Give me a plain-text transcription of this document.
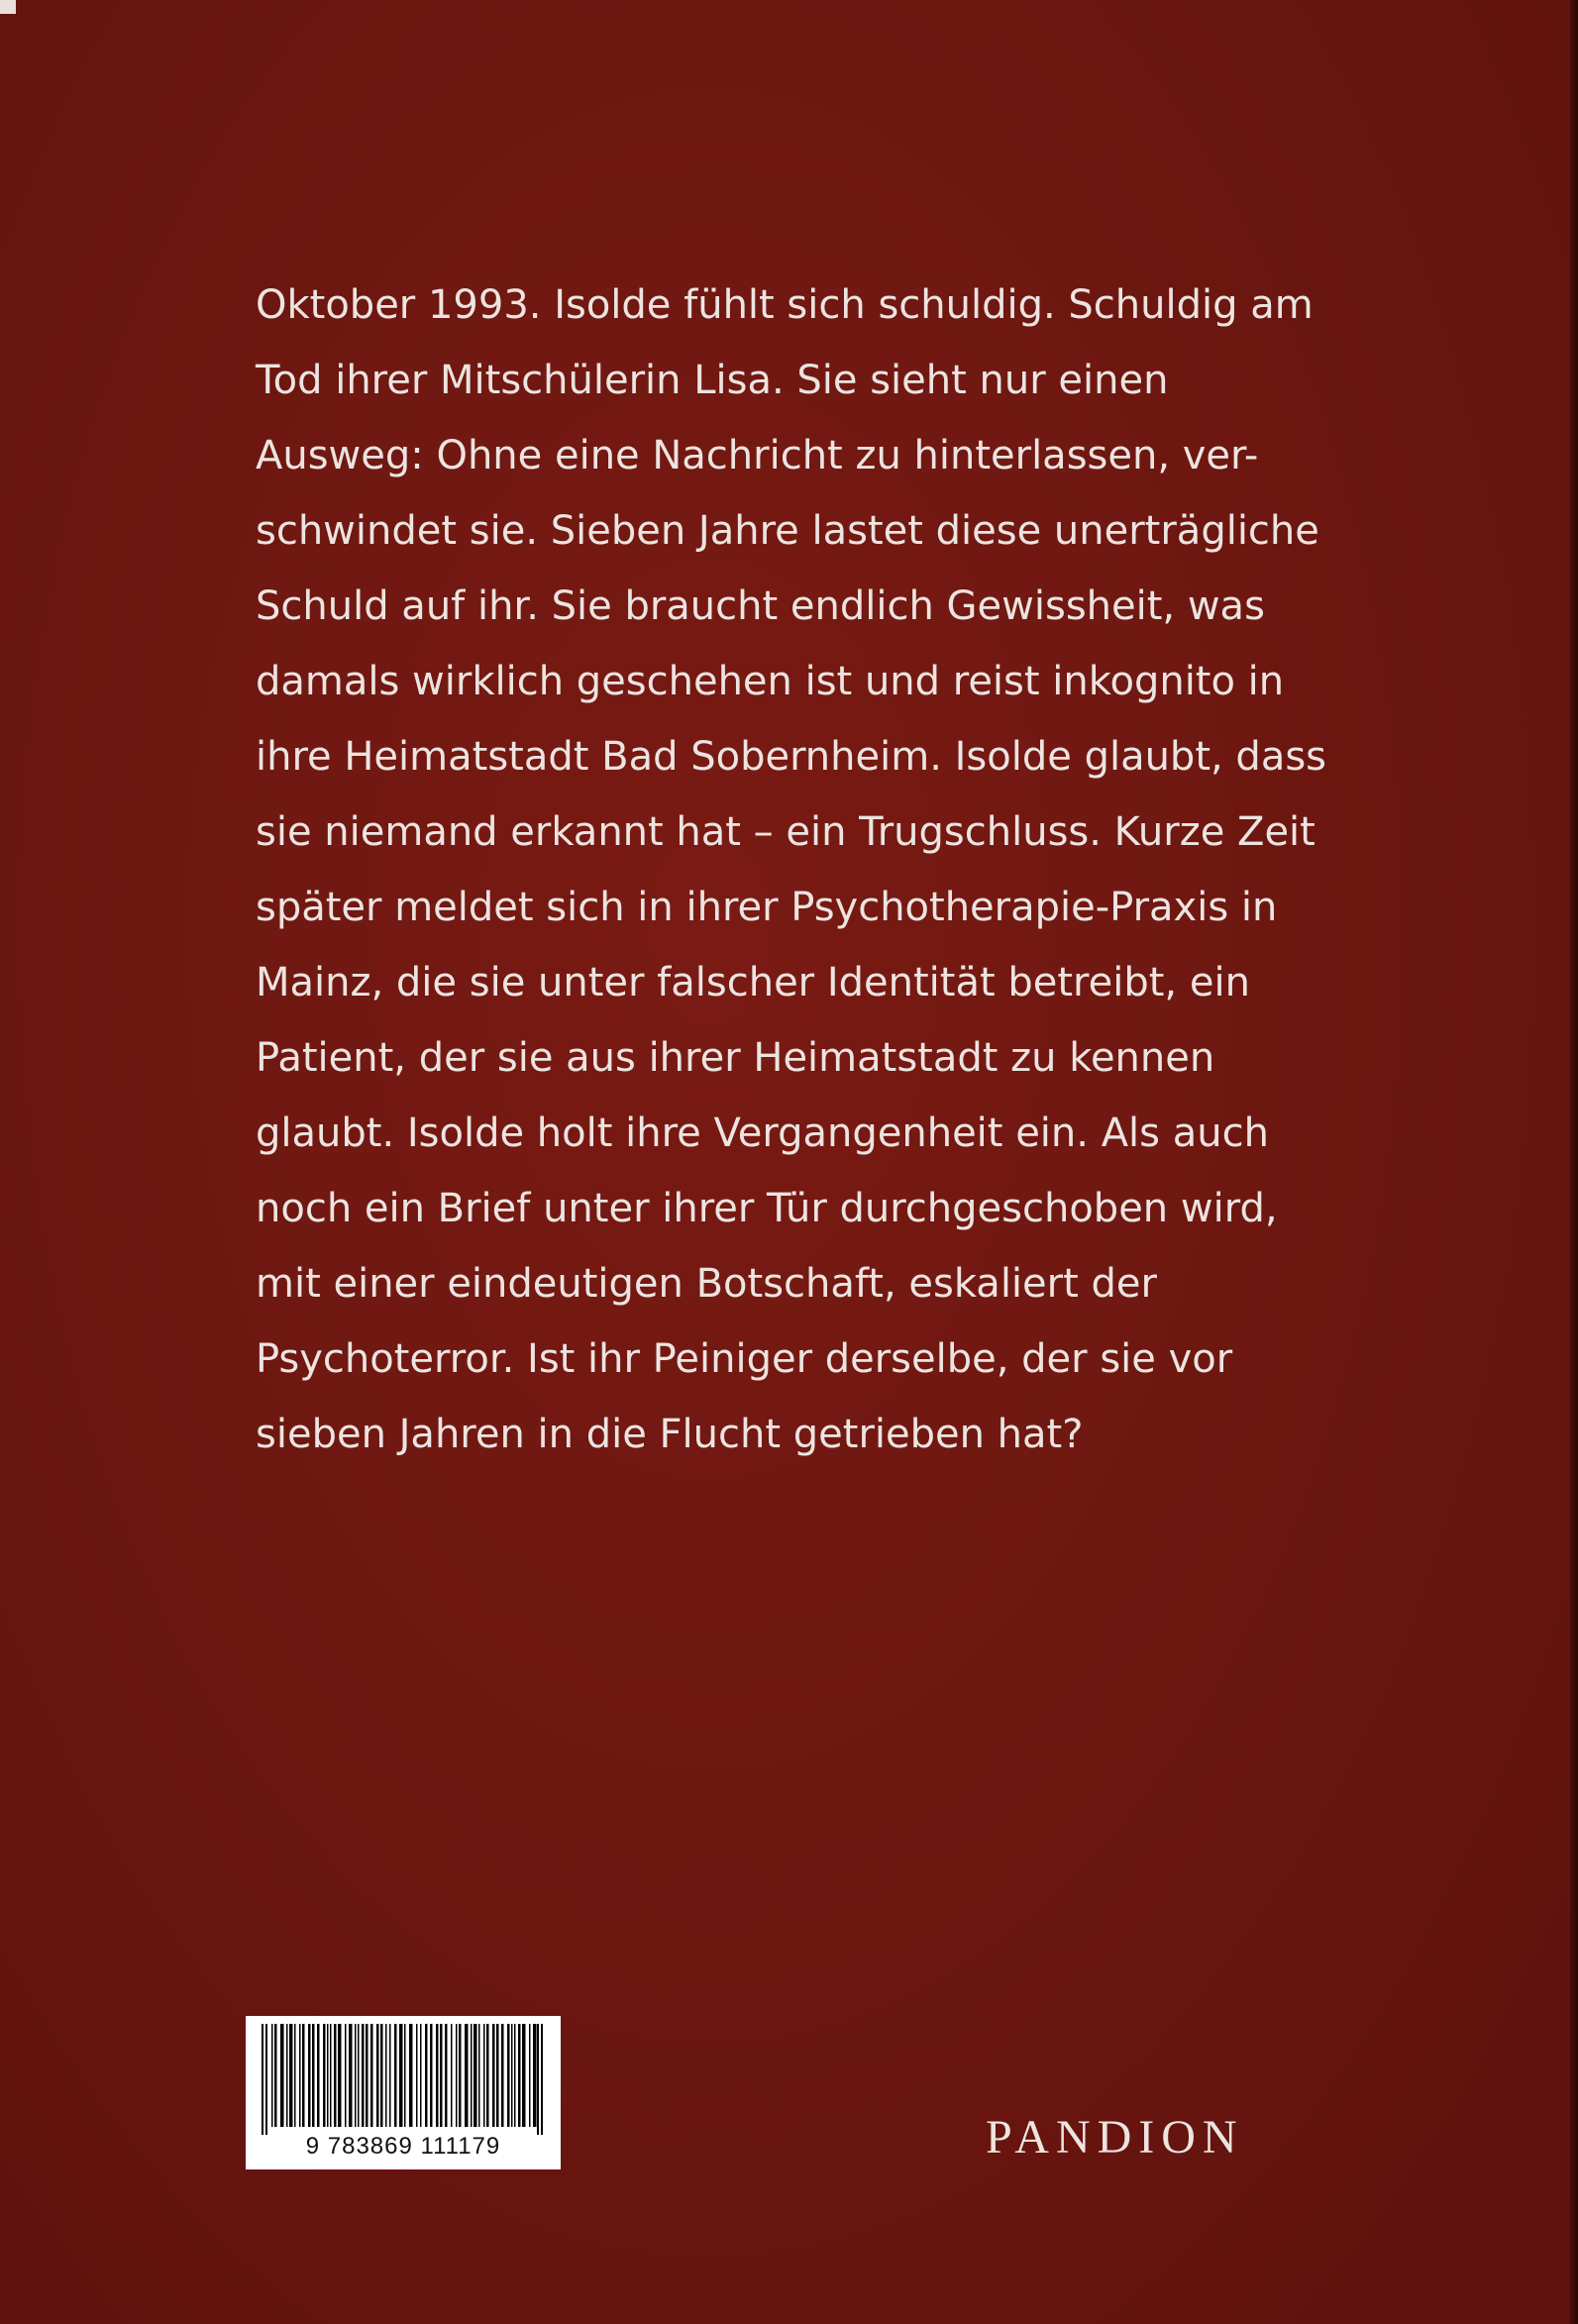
Oktober 1993. Isolde fühlt sich schuldig. Schuldig am
Tod ihrer Mitschülerin Lisa. Sie sieht nur einen
Ausweg: Ohne eine Nachricht zu hinterlassen, ver-
schwindet sie. Sieben Jahre lastet diese unerträgliche
Schuld auf ihr. Sie braucht endlich Gewissheit, was
damals wirklich geschehen ist und reist inkognito in
ihre Heimatstadt Bad Sobernheim. Isolde glaubt, dass
sie niemand erkannt hat – ein Trugschluss. Kurze Zeit
später meldet sich in ihrer Psychotherapie-Praxis in
Mainz, die sie unter falscher Identität betreibt, ein
Patient, der sie aus ihrer Heimatstadt zu kennen
glaubt. Isolde holt ihre Vergangenheit ein. Als auch
noch ein Brief unter ihrer Tür durchgeschoben wird,
mit einer eindeutigen Botschaft, eskaliert der
Psychoterror. Ist ihr Peiniger derselbe, der sie vor
sieben Jahren in die Flucht getrieben hat?

9 783869 111179	PANDION
